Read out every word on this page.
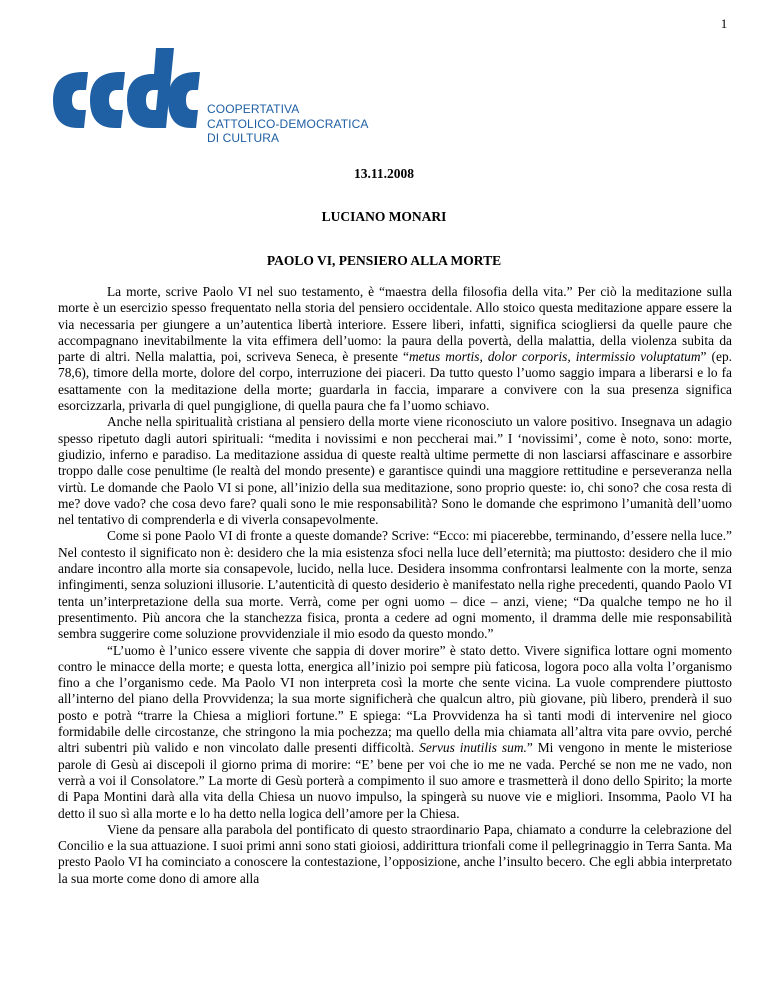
1
COOPERTATIVA
CATTOLICO-DEMOCRATICA
DI CULTURA
13.11.2008
LUCIANO MONARI
PAOLO VI, PENSIERO ALLA MORTE

La morte, scrive Paolo VI nel suo testamento, è “maestra della filosofia della vita.” Per ciò la meditazione sulla morte è un esercizio spesso frequentato nella storia del pensiero occidentale. Allo stoico questa meditazione appare essere la via necessaria per giungere a un’autentica libertà interiore. Essere liberi, infatti, significa sciogliersi da quelle paure che accompagnano inevitabilmente la vita effimera dell’uomo: la paura della povertà, della malattia, della violenza subita da parte di altri. Nella malattia, poi, scriveva Seneca, è presente “metus mortis, dolor corporis, intermissio voluptatum” (ep. 78,6), timore della morte, dolore del corpo, interruzione dei piaceri. Da tutto questo l’uomo saggio impara a liberarsi e lo fa esattamente con la meditazione della morte; guardarla in faccia, imparare a convivere con la sua presenza significa esorcizzarla, privarla di quel pungiglione, di quella paura che fa l’uomo schiavo.

Anche nella spiritualità cristiana al pensiero della morte viene riconosciuto un valore positivo. Insegnava un adagio spesso ripetuto dagli autori spirituali: “medita i novissimi e non peccherai mai.” I ‘novissimi’, come è noto, sono: morte, giudizio, inferno e paradiso. La meditazione assidua di queste realtà ultime permette di non lasciarsi affascinare e assorbire troppo dalle cose penultime (le realtà del mondo presente) e garantisce quindi una maggiore rettitudine e perseveranza nella virtù. Le domande che Paolo VI si pone, all’inizio della sua meditazione, sono proprio queste: io, chi sono? che cosa resta di me? dove vado? che cosa devo fare? quali sono le mie responsabilità? Sono le domande che esprimono l’umanità dell’uomo nel tentativo di comprenderla e di viverla consapevolmente.

Come si pone Paolo VI di fronte a queste domande? Scrive: “Ecco: mi piacerebbe, terminando, d’essere nella luce.” Nel contesto il significato non è: desidero che la mia esistenza sfoci nella luce dell’eternità; ma piuttosto: desidero che il mio andare incontro alla morte sia consapevole, lucido, nella luce. Desidera insomma confrontarsi lealmente con la morte, senza infingimenti, senza soluzioni illusorie. L’autenticità di questo desiderio è manifestato nella righe precedenti, quando Paolo VI tenta un’interpretazione della sua morte. Verrà, come per ogni uomo – dice – anzi, viene; “Da qualche tempo ne ho il presentimento. Più ancora che la stanchezza fisica, pronta a cedere ad ogni momento, il dramma delle mie responsabilità sembra suggerire come soluzione provvidenziale il mio esodo da questo mondo.”

“L’uomo è l’unico essere vivente che sappia di dover morire” è stato detto. Vivere significa lottare ogni momento contro le minacce della morte; e questa lotta, energica all’inizio poi sempre più faticosa, logora poco alla volta l’organismo fino a che l’organismo cede. Ma Paolo VI non interpreta così la morte che sente vicina. La vuole comprendere piuttosto all’interno del piano della Provvidenza; la sua morte significherà che qualcun altro, più giovane, più libero, prenderà il suo posto e potrà “trarre la Chiesa a migliori fortune.” E spiega: “La Provvidenza ha sì tanti modi di intervenire nel gioco formidabile delle circostanze, che stringono la mia pochezza; ma quello della mia chiamata all’altra vita pare ovvio, perché altri subentri più valido e non vincolato dalle presenti difficoltà. Servus inutilis sum.” Mi vengono in mente le misteriose parole di Gesù ai discepoli il giorno prima di morire: “E’ bene per voi che io me ne vada. Perché se non me ne vado, non verrà a voi il Consolatore.” La morte di Gesù porterà a compimento il suo amore e trasmetterà il dono dello Spirito; la morte di Papa Montini darà alla vita della Chiesa un nuovo impulso, la spingerà su nuove vie e migliori. Insomma, Paolo VI ha detto il suo sì alla morte e lo ha detto nella logica dell’amore per la Chiesa.

Viene da pensare alla parabola del pontificato di questo straordinario Papa, chiamato a condurre la celebrazione del Concilio e la sua attuazione. I suoi primi anni sono stati gioiosi, addirittura trionfali come il pellegrinaggio in Terra Santa. Ma presto Paolo VI ha cominciato a conoscere la contestazione, l’opposizione, anche l’insulto becero. Che egli abbia interpretato la sua morte come dono di amore alla
